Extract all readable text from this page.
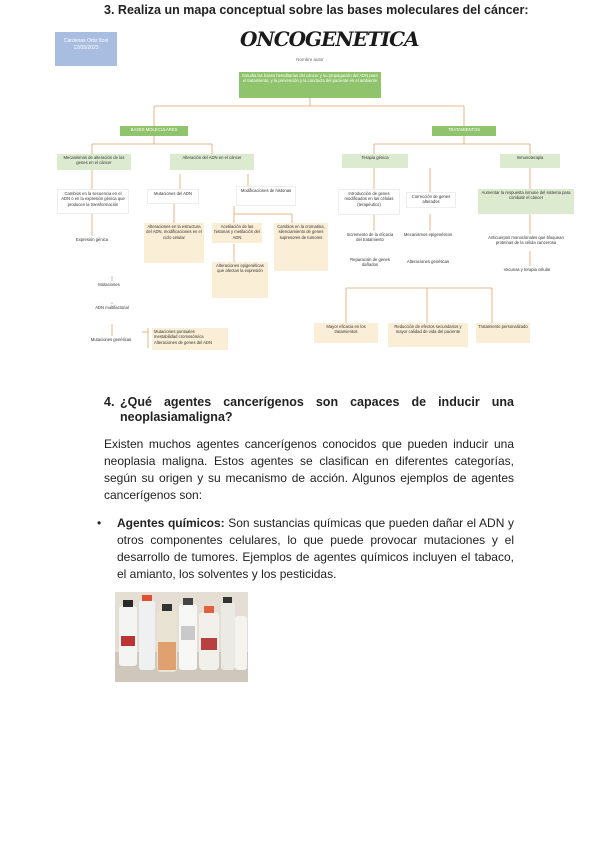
3. Realiza un mapa conceptual sobre las bases moleculares del cáncer:
Estudia las bases hereditarias del cáncer y su propagación del ADN para el tratamiento, y la prevención y la conducta del paciente en el ambiente
BASES MOLECULARES	TRATAMIENTOS
Mecanismos de alteración de los genes en el cáncer
Alteración del ADN en el cáncer
Cambios en la secuencia en el ADN o en la expresión génica que producen la transformación
Expresión génica
Mutaciones del ADN
Modificaciones de histonas
Alteraciones en la estructura del ADN, modificaciones en el ciclo celular
Acetilación de las histonas y metilación del ADN
Alteraciones epigenéticas que afectan la expresión
Cambios en la cromatina, silenciamiento de genes supresores de tumores
Mutaciones
ADN multifactorial
Mutaciones genéticas
Mutaciones puntuales
Inestabilidad cromosómica
Alteraciones de genes del ADN
Terapia génica	Inmunoterapia
Introducción de genes modificados en las células (terapéutico)
Corrección de genes alterados
Incremento de la eficacia del tratamiento
Reparación de genes dañados
Mecanismos epigenéticos
Alteraciones genéticas
Aumentar la respuesta inmune del sistema para combatir el cáncer
Anticuerpos monoclonales que bloquean proteínas de la célula cancerosa
Vacunas y terapia celular
Mayor eficacia en los tratamientos
Reducción de efectos secundarios y mayor calidad de vida del paciente
Tratamiento personalizado
Cárdenas Ortiz Itzel 12/05/2023	ONCOGENETICA
Nombre autor
4. ¿Qué agentes cancerígenos son capaces de inducir una
neoplasiamaligna?
Existen muchos agentes cancerígenos conocidos que pueden inducir una neoplasia maligna. Estos agentes se clasifican en diferentes categorías, según su origen y su mecanismo de acción. Algunos ejemplos de agentes cancerígenos son:
•	Agentes químicos: Son sustancias químicas que pueden dañar el ADN y otros componentes celulares, lo que puede provocar mutaciones y el desarrollo de tumores. Ejemplos de agentes químicos incluyen el tabaco, el amianto, los solventes y los pesticidas.
